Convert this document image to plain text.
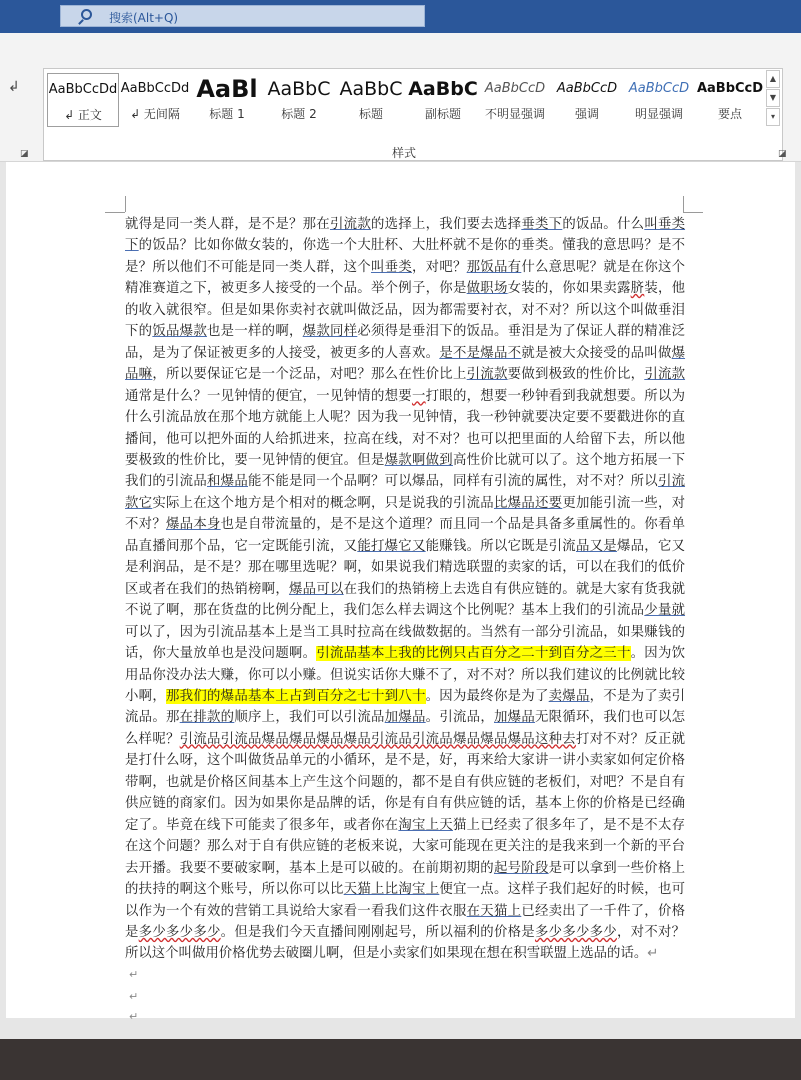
搜索(Alt+Q)
↲ AaBbCcDd
↲ 正文
AaBbCcDd
↲ 无间隔
AaBl
标题 1
AaBbC
标题 2
AaBbC
标题
AaBbC
副标题
AaBbCcD
不明显强调
AaBbCcD
强调
AaBbCcD
明显强调
AaBbCcD
要点
▲
▼
▾
样式
◪	◪
就得是同一类人群，是不是？那在引流款的选择上，我们要去选择垂类下的饭品。什么叫垂类下的饭品？比如你做女装的，你选一个大肚杯、大肚杯就不是你的垂类。懂我的意思吗？是不是？所以他们不可能是同一类人群，这个叫垂类，对吧？那饭品有什么意思呢？就是在你这个精准赛道之下，被更多人接受的一个品。举个例子，你是做职场女装的，你如果卖露脐装，他的收入就很窄。但是如果你卖衬衣就叫做泛品，因为都需要衬衣，对不对？所以这个叫做垂泪下的饭品爆款也是一样的啊，爆款同样必须得是垂泪下的饭品。垂泪是为了保证人群的精准泛品，是为了保证被更多的人接受，被更多的人喜欢。是不是爆品不就是被大众接受的品叫做爆品嘛，所以要保证它是一个泛品，对吧？那么在性价比上引流款要做到极致的性价比，引流款通常是什么？一见钟情的便宜，一见钟情的想要一打眼的，想要一秒钟看到我就想要。所以为什么引流品放在那个地方就能上人呢？因为我一见钟情，我一秒钟就要决定要不要戳进你的直播间，他可以把外面的人给抓进来，拉高在线，对不对？也可以把里面的人给留下去，所以他要极致的性价比，要一见钟情的便宜。但是爆款啊做到高性价比就可以了。这个地方拓展一下我们的引流品和爆品能不能是同一个品啊？可以爆品，同样有引流的属性，对不对？所以引流款它实际上在这个地方是个相对的概念啊，只是说我的引流品比爆品还要更加能引流一些，对不对？爆品本身也是自带流量的，是不是这个道理？而且同一个品是具备多重属性的。你看单品直播间那个品，它一定既能引流，又能打爆它又能赚钱。所以它既是引流品又是爆品，它又是利润品，是不是？那在哪里选呢？啊，如果说我们精选联盟的卖家的话，可以在我们的低价区或者在我们的热销榜啊，爆品可以在我们的热销榜上去选自有供应链的。就是大家有货我就不说了啊，那在货盘的比例分配上，我们怎么样去调这个比例呢？基本上我们的引流品少量就可以了，因为引流品基本上是当工具时拉高在线做数据的。当然有一部分引流品，如果赚钱的话，你大量放单也是没问题啊。引流品基本上我的比例只占百分之二十到百分之三十。因为饮用品你没办法大赚，你可以小赚。但说实话你大赚不了，对不对？所以我们建议的比例就比较小啊，那我们的爆品基本上占到百分之七十到八十。因为最终你是为了卖爆品，不是为了卖引流品。那在排款的顺序上，我们可以引流品加爆品。引流品，加爆品无限循环，我们也可以怎么样呢？引流品引流品爆品爆品爆品爆品引流品引流品爆品爆品爆品这种去打对不对？反正就是打什么呀，这个叫做货品单元的小循环，是不是，好，再来给大家讲一讲小卖家如何定价格带啊，也就是价格区间基本上产生这个问题的，都不是自有供应链的老板们，对吧？不是自有供应链的商家们。因为如果你是品牌的话，你是有自有供应链的话，基本上你的价格是已经确定了。毕竟在线下可能卖了很多年，或者你在淘宝上天猫上已经卖了很多年了，是不是不太存在这个问题？那么对于自有供应链的老板来说，大家可能现在更关注的是我来到一个新的平台去开播。我要不要破家啊，基本上是可以破的。在前期初期的起号阶段是可以拿到一些价格上的扶持的啊这个账号，所以你可以比天猫上比淘宝上便宜一点。这样子我们起好的时候，也可以作为一个有效的营销工具说给大家看一看我们这件衣服在天猫上已经卖出了一千件了，价格是多少多少多少。但是我们今天直播间刚刚起号，所以福利的价格是多少多少多少，对不对？所以这个叫做用价格优势去破圈儿啊，但是小卖家们如果现在想在积雪联盟上选品的话。↵
↵
↵
↵
